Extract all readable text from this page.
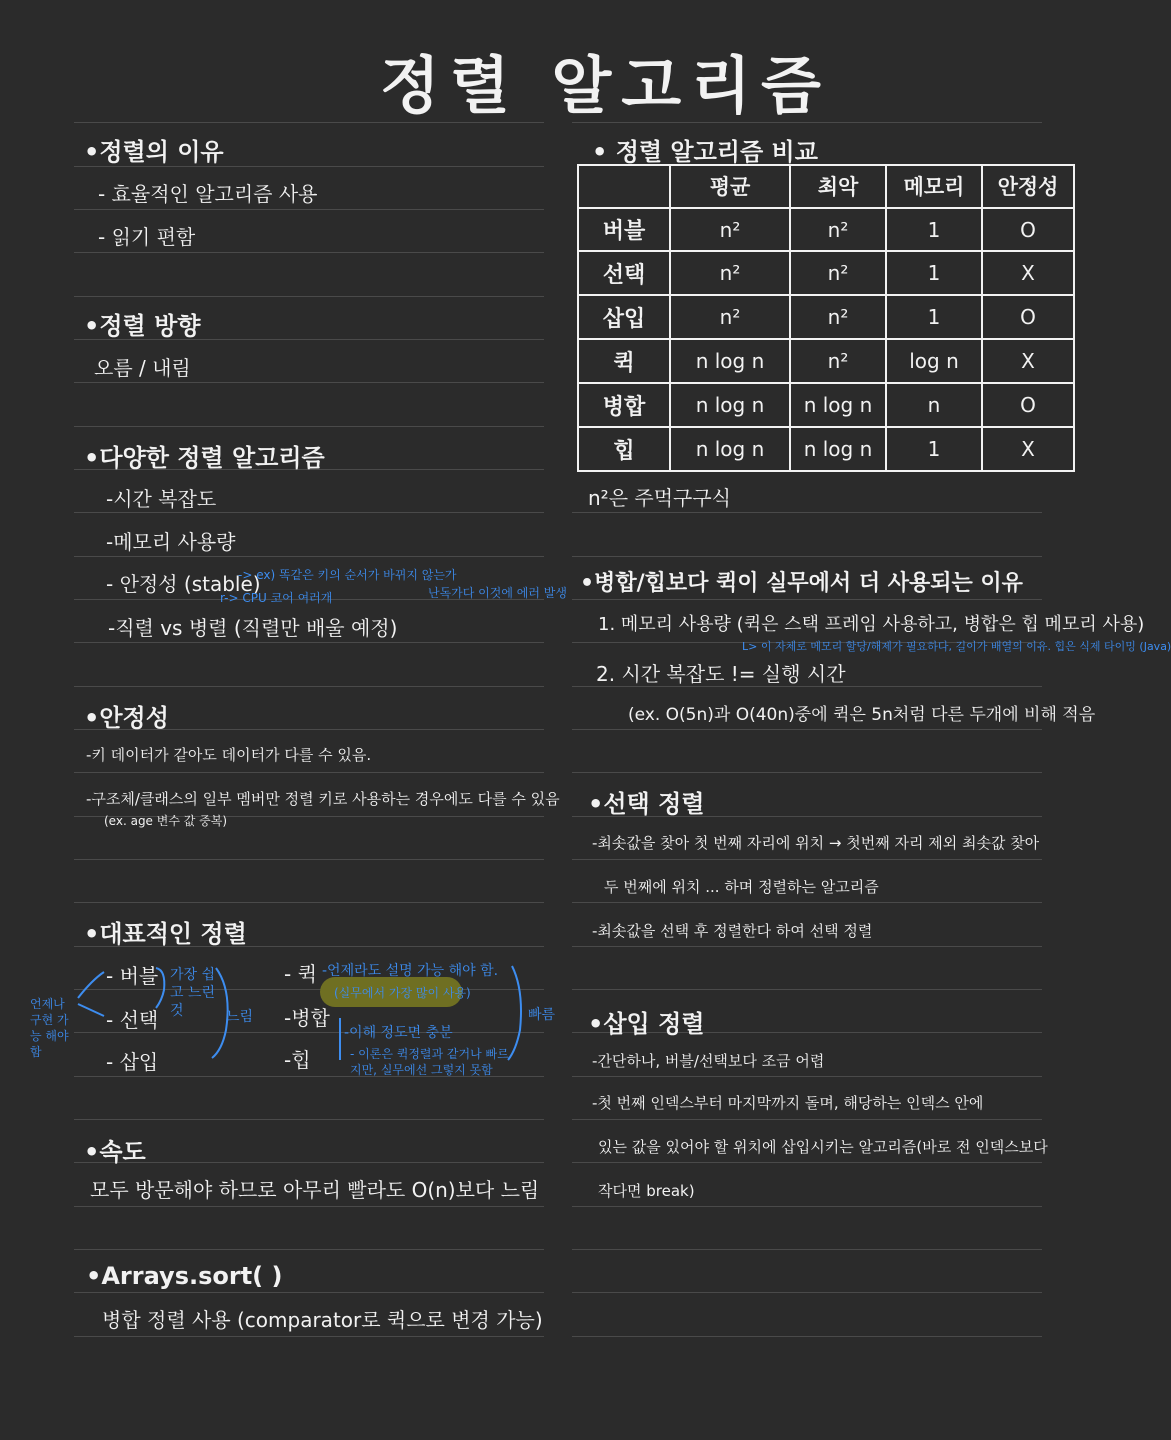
정렬 알고리즘
•정렬의 이유
- 효율적인 알고리즘 사용
- 읽기 편함
•정렬 방향
오름 / 내림
•다양한 정렬 알고리즘
-시간 복잡도
-메모리 사용량
- 안정성 (stable)
-> ex) 똑같은 키의 순서가 바뀌지 않는가
r-> CPU 코어 여러개	난독가다 이것에 에러 발생
-직렬 vs 병렬 (직렬만 배울 예정)
•안정성
-키 데이터가 같아도 데이터가 다를 수 있음.
-구조체/클래스의 일부 멤버만 정렬 키로 사용하는 경우에도 다를 수 있음
(ex. age 변수 값 중복)
•대표적인 정렬
- 버블
- 선택
- 삽입
가장 쉽고 느린 것	느림
언제나 구현 가능 해야 함
- 퀵
-병합
-힙
-언제라도 설명 가능 해야 함.
(실무에서 가장 많이 사용)
-이해 정도면 충분
- 이론은 퀵정렬과 같거나 빠르지만, 실무에선 그렇지 못함
빠름
•속도
모두 방문해야 하므로 아무리 빨라도 O(n)보다 느림
•Arrays.sort( )
병합 정렬 사용 (comparator로 퀵으로 변경 가능)
• 정렬 알고리즘 비교
	평균	최악	메모리	안정성
버블	n²	n²	1	O
선택	n²	n²	1	X
삽입	n²	n²	1	O
퀵	n log n	n²	log n	X
병합	n log n	n log n	n	O
힙	n log n	n log n	1	X
n²은 주먹구구식
•병합/힙보다 퀵이 실무에서 더 사용되는 이유
1. 메모리 사용량 (퀵은 스택 프레임 사용하고, 병합은 힙 메모리 사용)
L> 이 자체로 메모리 할당/해제가 필요하다, 길이가 배열의 이유. 힙은 식제 타이밍 (Java)
2. 시간 복잡도 != 실행 시간
(ex. O(5n)과 O(40n)중에 퀵은 5n처럼 다른 두개에 비해 적음
•선택 정렬
-최솟값을 찾아 첫 번째 자리에 위치 → 첫번째 자리 제외 최솟값 찾아
두 번째에 위치 ... 하며 정렬하는 알고리즘
-최솟값을 선택 후 정렬한다 하여 선택 정렬
•삽입 정렬
-간단하나, 버블/선택보다 조금 어렵
-첫 번째 인덱스부터 마지막까지 돌며, 해당하는 인덱스 안에
있는 값을 있어야 할 위치에 삽입시키는 알고리즘(바로 전 인덱스보다
작다면 break)
